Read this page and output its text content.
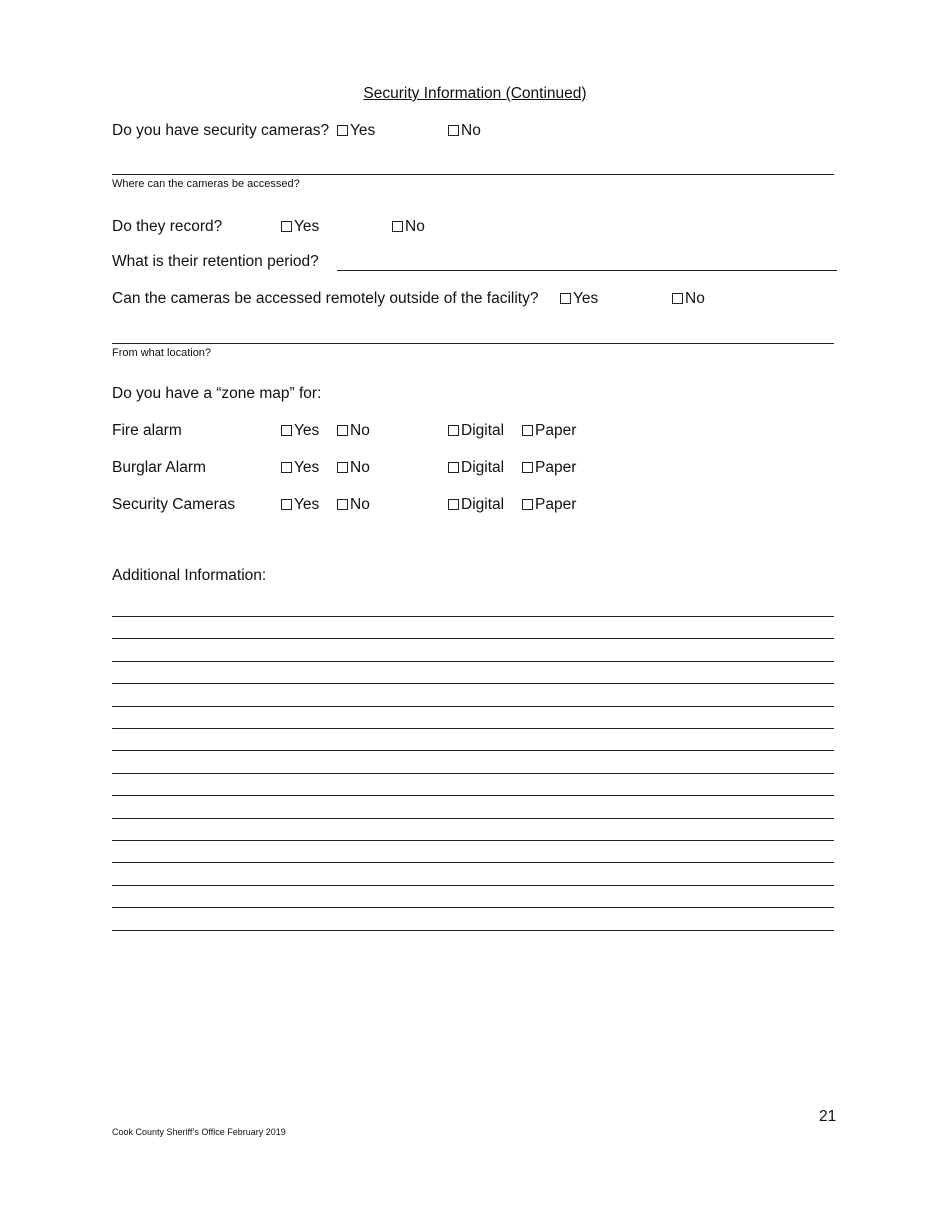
Security Information (Continued)
Do you have security cameras?	Yes	No
Where can the cameras be accessed?
Do they record?	Yes	No
What is their retention period?
Can the cameras be accessed remotely outside of the facility?	Yes	No
From what location?
Do you have a “zone map” for:
Fire alarm	Yes	No	Digital	Paper
Burglar Alarm	Yes	No	Digital	Paper
Security Cameras	Yes	No	Digital	Paper
Additional Information:
21
Cook County Sheriff’s Office February 2019
